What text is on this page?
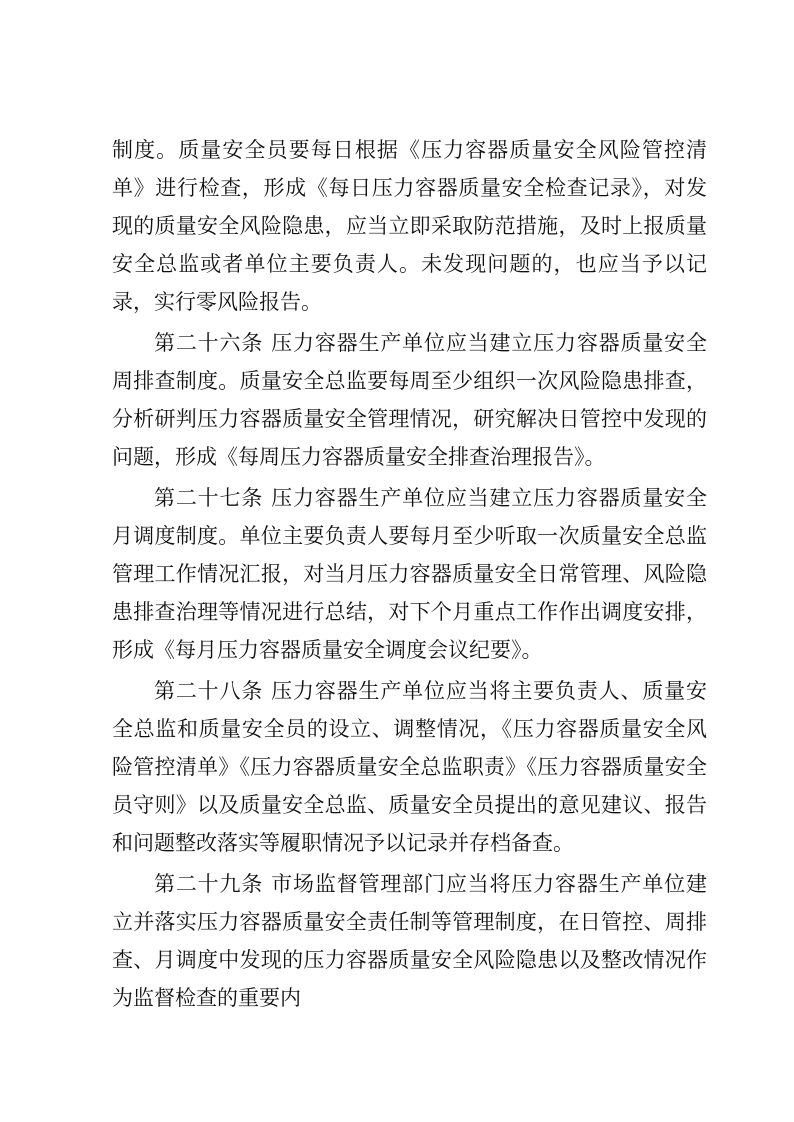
制度。质量安全员要每日根据《压力容器质量安全风险管控清单》进行检查，形成《每日压力容器质量安全检查记录》，对发现的质量安全风险隐患，应当立即采取防范措施，及时上报质量安全总监或者单位主要负责人。未发现问题的，也应当予以记录，实行零风险报告。

第二十六条 压力容器生产单位应当建立压力容器质量安全周排查制度。质量安全总监要每周至少组织一次风险隐患排查，分析研判压力容器质量安全管理情况，研究解决日管控中发现的问题，形成《每周压力容器质量安全排查治理报告》。

第二十七条 压力容器生产单位应当建立压力容器质量安全月调度制度。单位主要负责人要每月至少听取一次质量安全总监管理工作情况汇报，对当月压力容器质量安全日常管理、风险隐患排查治理等情况进行总结，对下个月重点工作作出调度安排，形成《每月压力容器质量安全调度会议纪要》。

第二十八条 压力容器生产单位应当将主要负责人、质量安全总监和质量安全员的设立、调整情况，《压力容器质量安全风险管控清单》《压力容器质量安全总监职责》《压力容器质量安全员守则》以及质量安全总监、质量安全员提出的意见建议、报告和问题整改落实等履职情况予以记录并存档备查。

第二十九条 市场监督管理部门应当将压力容器生产单位建立并落实压力容器质量安全责任制等管理制度，在日管控、周排查、月调度中发现的压力容器质量安全风险隐患以及整改情况作为监督检查的重要内
